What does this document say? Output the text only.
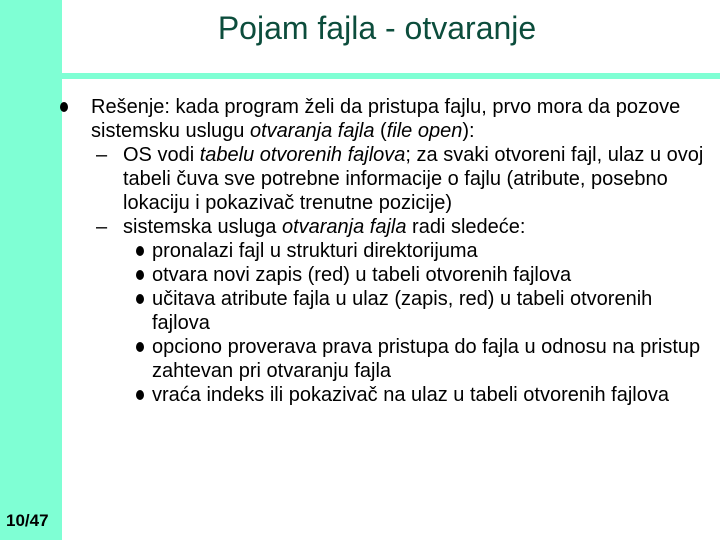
Pojam fajla - otvaranje
Rešenje: kada program želi da pristupa fajlu, prvo mora da pozove sistemsku uslugu otvaranja fajla (file open):
– OS vodi tabelu otvorenih fajlova; za svaki otvoreni fajl, ulaz u ovoj tabeli čuva sve potrebne informacije o fajlu (atribute, posebno lokaciju i pokazivač trenutne pozicije)
– sistemska usluga otvaranja fajla radi sledeće:
pronalazi fajl u strukturi direktorijuma
otvara novi zapis (red) u tabeli otvorenih fajlova
učitava atribute fajla u ulaz (zapis, red) u tabeli otvorenih fajlova
opciono proverava prava pristupa do fajla u odnosu na pristup zahtevan pri otvaranju fajla
vraća indeks ili pokazivač na ulaz u tabeli otvorenih fajlova
10/47
